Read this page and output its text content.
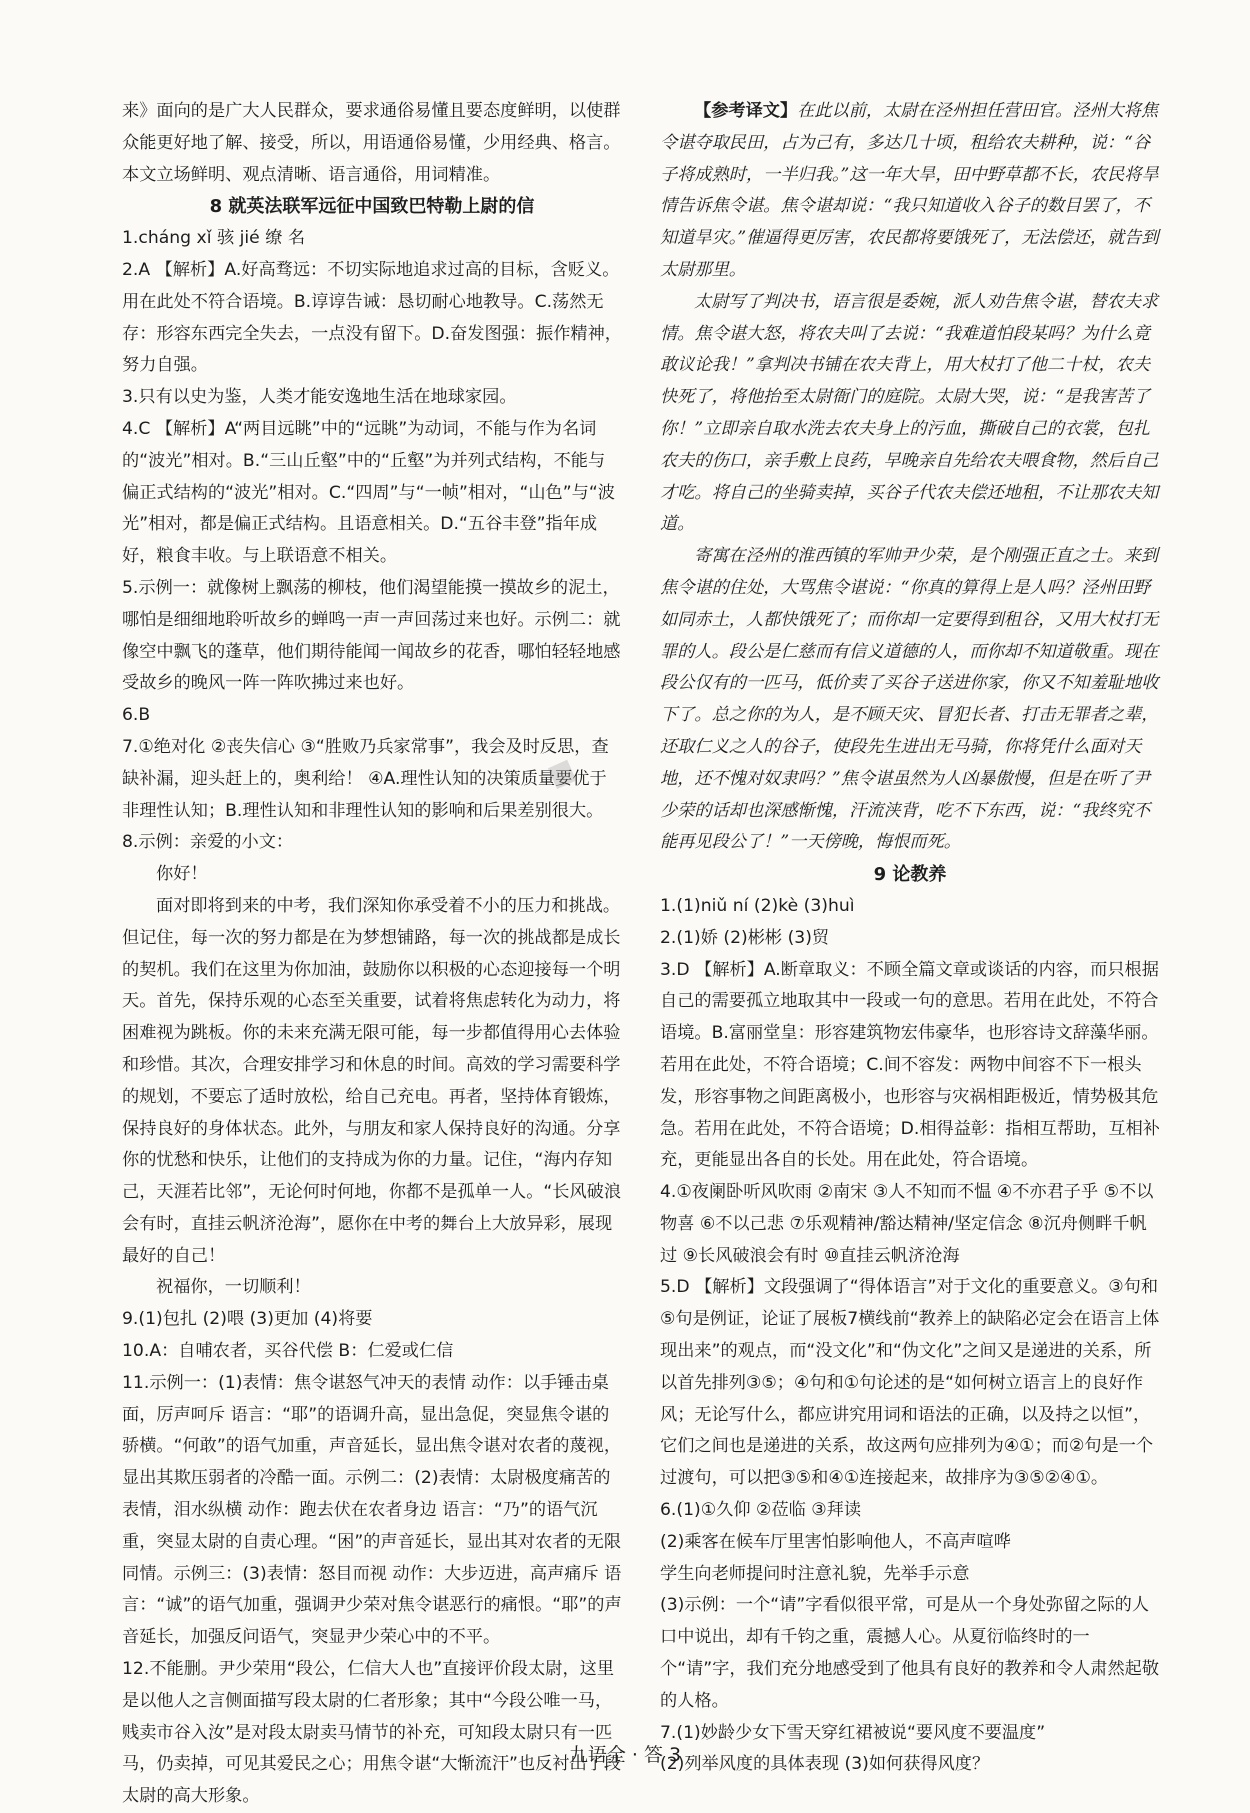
来》面向的是广大人民群众，要求通俗易懂且要态度鲜明，以使群众能更好地了解、接受，所以，用语通俗易懂，少用经典、格言。本文立场鲜明、观点清晰、语言通俗，用词精准。

8 就英法联军远征中国致巴特勒上尉的信

1.cháng xǐ 骇 jié 缭 名

2.A 【解析】A.好高骛远：不切实际地追求过高的目标，含贬义。用在此处不符合语境。B.谆谆告诫：恳切耐心地教导。C.荡然无存：形容东西完全失去，一点没有留下。D.奋发图强：振作精神，努力自强。

3.只有以史为鉴，人类才能安逸地生活在地球家园。

4.C 【解析】A“两目远眺”中的“远眺”为动词，不能与作为名词的“波光”相对。B.“三山丘壑”中的“丘壑”为并列式结构，不能与偏正式结构的“波光”相对。C.“四周”与“一帧”相对，“山色”与“波光”相对，都是偏正式结构。且语意相关。D.“五谷丰登”指年成好，粮食丰收。与上联语意不相关。

5.示例一：就像树上飘荡的柳枝，他们渴望能摸一摸故乡的泥土，哪怕是细细地聆听故乡的蝉鸣一声一声回荡过来也好。示例二：就像空中飘飞的蓬草，他们期待能闻一闻故乡的花香，哪怕轻轻地感受故乡的晚风一阵一阵吹拂过来也好。

6.B

7.①绝对化 ②丧失信心 ③“胜败乃兵家常事”，我会及时反思，查缺补漏，迎头赶上的，奥利给！ ④A.理性认知的决策质量要优于非理性认知；B.理性认知和非理性认知的影响和后果差别很大。

8.示例：亲爱的小文：

你好！

面对即将到来的中考，我们深知你承受着不小的压力和挑战。但记住，每一次的努力都是在为梦想铺路，每一次的挑战都是成长的契机。我们在这里为你加油，鼓励你以积极的心态迎接每一个明天。首先，保持乐观的心态至关重要，试着将焦虑转化为动力，将困难视为跳板。你的未来充满无限可能，每一步都值得用心去体验和珍惜。其次，合理安排学习和休息的时间。高效的学习需要科学的规划，不要忘了适时放松，给自己充电。再者，坚持体育锻炼，保持良好的身体状态。此外，与朋友和家人保持良好的沟通。分享你的忧愁和快乐，让他们的支持成为你的力量。记住，“海内存知己，天涯若比邻”，无论何时何地，你都不是孤单一人。“长风破浪会有时，直挂云帆济沧海”，愿你在中考的舞台上大放异彩，展现最好的自己！

祝福你，一切顺利！

9.(1)包扎 (2)喂 (3)更加 (4)将要

10.A：自哺农者，买谷代偿 B：仁爱或仁信

11.示例一：(1)表情：焦令谌怒气冲天的表情 动作：以手锤击桌面，厉声呵斥 语言：“耶”的语调升高，显出急促，突显焦令谌的骄横。“何敢”的语气加重，声音延长，显出焦令谌对农者的蔑视，显出其欺压弱者的冷酷一面。示例二：(2)表情：太尉极度痛苦的表情，泪水纵横 动作：跑去伏在农者身边 语言：“乃”的语气沉重，突显太尉的自责心理。“困”的声音延长，显出其对农者的无限同情。示例三：(3)表情：怒目而视 动作：大步迈进，高声痛斥 语言：“诚”的语气加重，强调尹少荣对焦令谌恶行的痛恨。“耶”的声音延长，加强反问语气，突显尹少荣心中的不平。

12.不能删。尹少荣用“段公，仁信大人也”直接评价段太尉，这里是以他人之言侧面描写段太尉的仁者形象；其中“今段公唯一马，贱卖市谷入汝”是对段太尉卖马情节的补充，可知段太尉只有一匹马，仍卖掉，可见其爱民之心；用焦令谌“大惭流汗”也反衬出了段太尉的高大形象。

【参考译文】在此以前，太尉在泾州担任营田官。泾州大将焦令谌夺取民田，占为己有，多达几十顷，租给农夫耕种，说：“谷子将成熟时，一半归我。”这一年大旱，田中野草都不长，农民将旱情告诉焦令谌。焦令谌却说：“我只知道收入谷子的数目罢了，不知道旱灾。”催逼得更厉害，农民都将要饿死了，无法偿还，就告到太尉那里。

太尉写了判决书，语言很是委婉，派人劝告焦令谌，替农夫求情。焦令谌大怒，将农夫叫了去说：“我难道怕段某吗？为什么竟敢议论我！”拿判决书铺在农夫背上，用大杖打了他二十杖，农夫快死了，将他抬至太尉衙门的庭院。太尉大哭，说：“是我害苦了你！”立即亲自取水洗去农夫身上的污血，撕破自己的衣裳，包扎农夫的伤口，亲手敷上良药，早晚亲自先给农夫喂食物，然后自己才吃。将自己的坐骑卖掉，买谷子代农夫偿还地租，不让那农夫知道。

寄寓在泾州的淮西镇的军帅尹少荣，是个刚强正直之士。来到焦令谌的住处，大骂焦令谌说：“你真的算得上是人吗？泾州田野如同赤土，人都快饿死了；而你却一定要得到租谷，又用大杖打无罪的人。段公是仁慈而有信义道德的人，而你却不知道敬重。现在段公仅有的一匹马，低价卖了买谷子送进你家，你又不知羞耻地收下了。总之你的为人，是不顾天灾、冒犯长者、打击无罪者之辈，还取仁义之人的谷子，使段先生进出无马骑，你将凭什么面对天地，还不愧对奴隶吗？”焦令谌虽然为人凶暴傲慢，但是在听了尹少荣的话却也深感惭愧，汗流浃背，吃不下东西，说：“我终究不能再见段公了！”一天傍晚，悔恨而死。

9 论教养

1.(1)niǔ ní (2)kè (3)huì

2.(1)娇 (2)彬彬 (3)贸

3.D 【解析】A.断章取义：不顾全篇文章或谈话的内容，而只根据自己的需要孤立地取其中一段或一句的意思。若用在此处，不符合语境。B.富丽堂皇：形容建筑物宏伟豪华，也形容诗文辞藻华丽。若用在此处，不符合语境；C.间不容发：两物中间容不下一根头发，形容事物之间距离极小，也形容与灾祸相距极近，情势极其危急。若用在此处，不符合语境；D.相得益彰：指相互帮助，互相补充，更能显出各自的长处。用在此处，符合语境。

4.①夜阑卧听风吹雨 ②南宋 ③人不知而不愠 ④不亦君子乎 ⑤不以物喜 ⑥不以己悲 ⑦乐观精神/豁达精神/坚定信念 ⑧沉舟侧畔千帆过 ⑨长风破浪会有时 ⑩直挂云帆济沧海

5.D 【解析】文段强调了“得体语言”对于文化的重要意义。③句和⑤句是例证，论证了展板7横线前“教养上的缺陷必定会在语言上体现出来”的观点，而“没文化”和“伪文化”之间又是递进的关系，所以首先排列③⑤；④句和①句论述的是“如何树立语言上的良好作风；无论写什么，都应讲究用词和语法的正确，以及持之以恒”，它们之间也是递进的关系，故这两句应排列为④①；而②句是一个过渡句，可以把③⑤和④①连接起来，故排序为③⑤②④①。

6.(1)①久仰 ②莅临 ③拜读

(2)乘客在候车厅里害怕影响他人，不高声喧哗

学生向老师提问时注意礼貌，先举手示意

(3)示例：一个“请”字看似很平常，可是从一个身处弥留之际的人口中说出，却有千钧之重，震撼人心。从夏衍临终时的一个“请”字，我们充分地感受到了他具有良好的教养和令人肃然起敬的人格。

7.(1)妙龄少女下雪天穿红裙被说“要风度不要温度”

(2)列举风度的具体表现 (3)如何获得风度？

∙
九语全 · 答 3
